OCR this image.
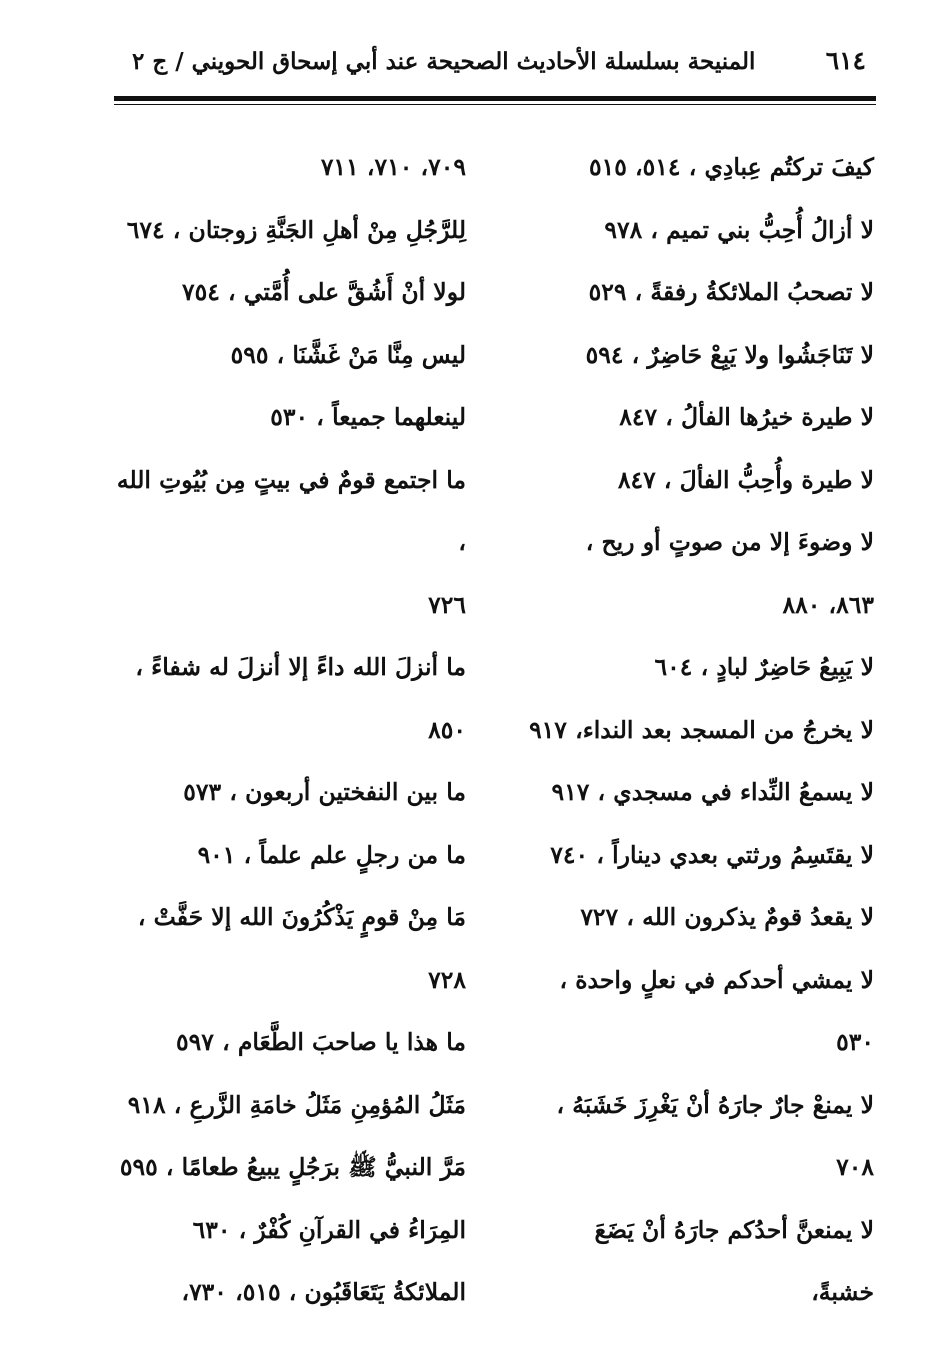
٦١٤
المنيحة بسلسلة الأحاديث الصحيحة عند أبي إسحاق الحويني / ج ٢
كيفَ تركتُم عِبادِي ، ٥١٤، ٥١٥
لا أزالُ أُحِبُّ بني تميم ، ٩٧٨
لا تصحبُ الملائكةُ رفقةً ، ٥٢٩
لا تَنَاجَشُوا ولا يَبِعْ حَاضِرٌ ، ٥٩٤
لا طيرة خيرُها الفألُ ، ٨٤٧
لا طيرة وأُحِبُّ الفألَ ، ٨٤٧
لا وضوءَ إلا من صوتٍ أو ريح ،
٨٦٣، ٨٨٠
لا يَبِيعُ حَاضِرٌ لبادٍ ، ٦٠٤
لا يخرجُ من المسجد بعد النداء، ٩١٧
لا يسمعُ النِّداء في مسجدي ، ٩١٧
لا يقتَسِمُ ورثتي بعدي ديناراً ، ٧٤٠
لا يقعدُ قومٌ يذكرون الله ، ٧٢٧
لا يمشي أحدكم في نعلٍ واحدة ،
٥٣٠
لا يمنعْ جارٌ جارَهُ أنْ يَغْرِزَ خَشَبَهُ ،
٧٠٨
لا يمنعنَّ أحدُكم جارَهُ أنْ يَضَعَ خشبةً،
٧٠٩، ٧١٠، ٧١١
لِلرَّجُلِ مِنْ أهلِ الجَنَّةِ زوجتان ، ٦٧٤
لولا أنْ أَشُقَّ على أُمَّتي ، ٧٥٤
ليس مِنَّا مَنْ غَشَّنَا ، ٥٩٥
لينعلهما جميعاً ، ٥٣٠
ما اجتمع قومٌ في بيتٍ مِن بُيُوتِ الله ،
٧٢٦
ما أنزلَ الله داءً إلا أنزلَ له شفاءً ،
٨٥٠
ما بين النفختين أربعون ، ٥٧٣
ما من رجلٍ علم علماً ، ٩٠١
مَا مِنْ قومٍ يَذْكُرُونَ الله إلا حَفَّتْ ،
٧٢٨
ما هذا يا صاحبَ الطَّعَام ، ٥٩٧
مَثَلُ المُؤمِنِ مَثَلُ خامَةِ الزَّرعِ ، ٩١٨
مَرَّ النبيُّ ﷺ برَجُلٍ يبيعُ طعامًا ، ٥٩٥
المِرَاءُ في القرآنِ كُفْرٌ ، ٦٣٠
الملائكةُ يَتَعَاقَبُون ، ٥١٥، ٧٣٠،
